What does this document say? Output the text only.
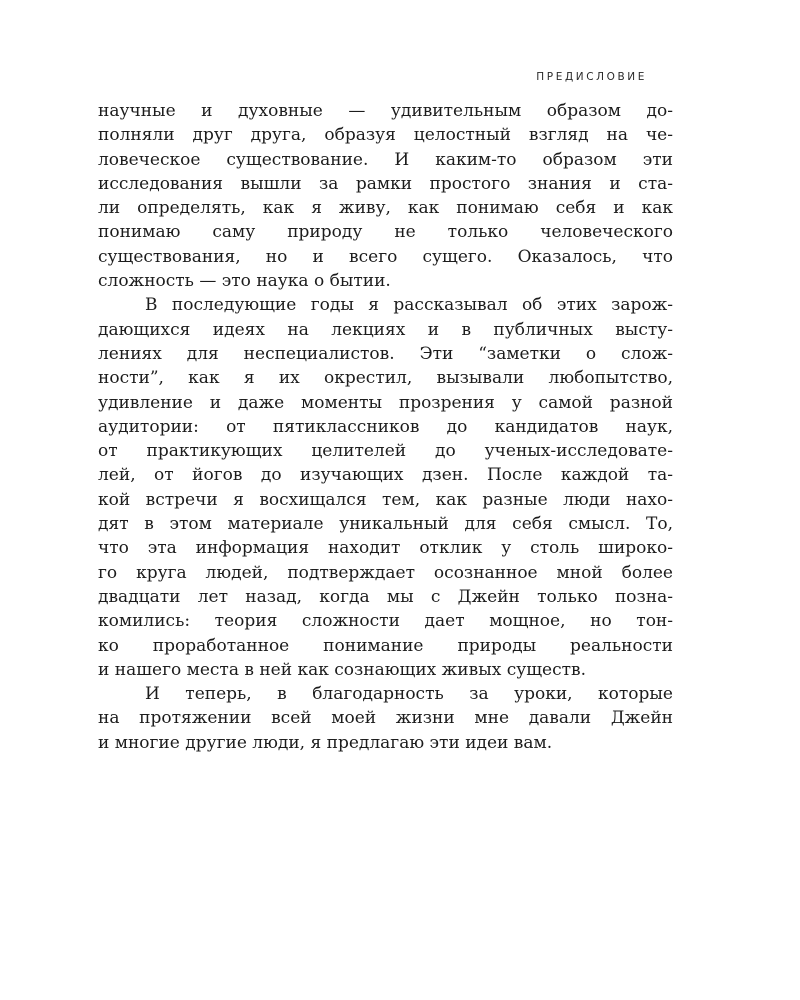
ПРЕДИСЛОВИЕ
научные и духовные — удивительным образом до-
полняли друг друга, образуя целостный взгляд на че-
ловеческое существование. И каким-то образом эти
исследования вышли за рамки простого знания и ста-
ли определять, как я живу, как понимаю себя и как
понимаю саму природу не только человеческого
существования, но и всего сущего. Оказалось, что
сложность — это наука о бытии.
В последующие годы я рассказывал об этих зарож-
дающихся идеях на лекциях и в публичных высту-
лениях для неспециалистов. Эти “заметки о слож-
ности”, как я их окрестил, вызывали любопытство,
удивление и даже моменты прозрения у самой разной
аудитории: от пятиклассников до кандидатов наук,
от практикующих целителей до ученых-исследовате-
лей, от йогов до изучающих дзен. После каждой та-
кой встречи я восхищался тем, как разные люди нахо-
дят в этом материале уникальный для себя смысл. То,
что эта информация находит отклик у столь широко-
го круга людей, подтверждает осознанное мной более
двадцати лет назад, когда мы с Джейн только позна-
комились: теория сложности дает мощное, но тон-
ко проработанное понимание природы реальности
и нашего места в ней как сознающих живых существ.
И теперь, в благодарность за уроки, которые
на протяжении всей моей жизни мне давали Джейн
и многие другие люди, я предлагаю эти идеи вам.
